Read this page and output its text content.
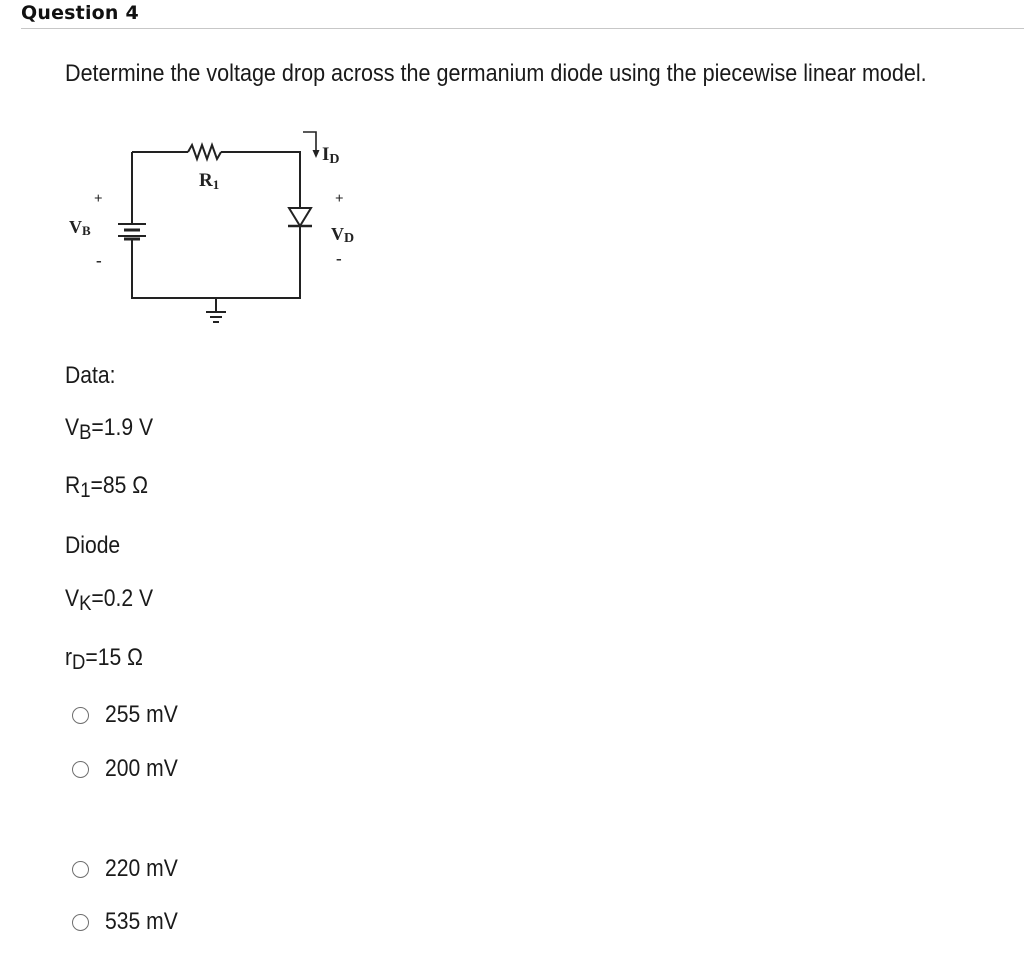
Question 4
Determine the voltage drop across the germanium diode using the piecewise linear model.
R1
ID
+
VB
-
+
VD
-
Data:
$V_B=1.9$ V
$R_1=85$ Ω
Diode
$V_K=0.2$ V
$r_D=15$ Ω
255 mV
200 mV
220 mV
535 mV
